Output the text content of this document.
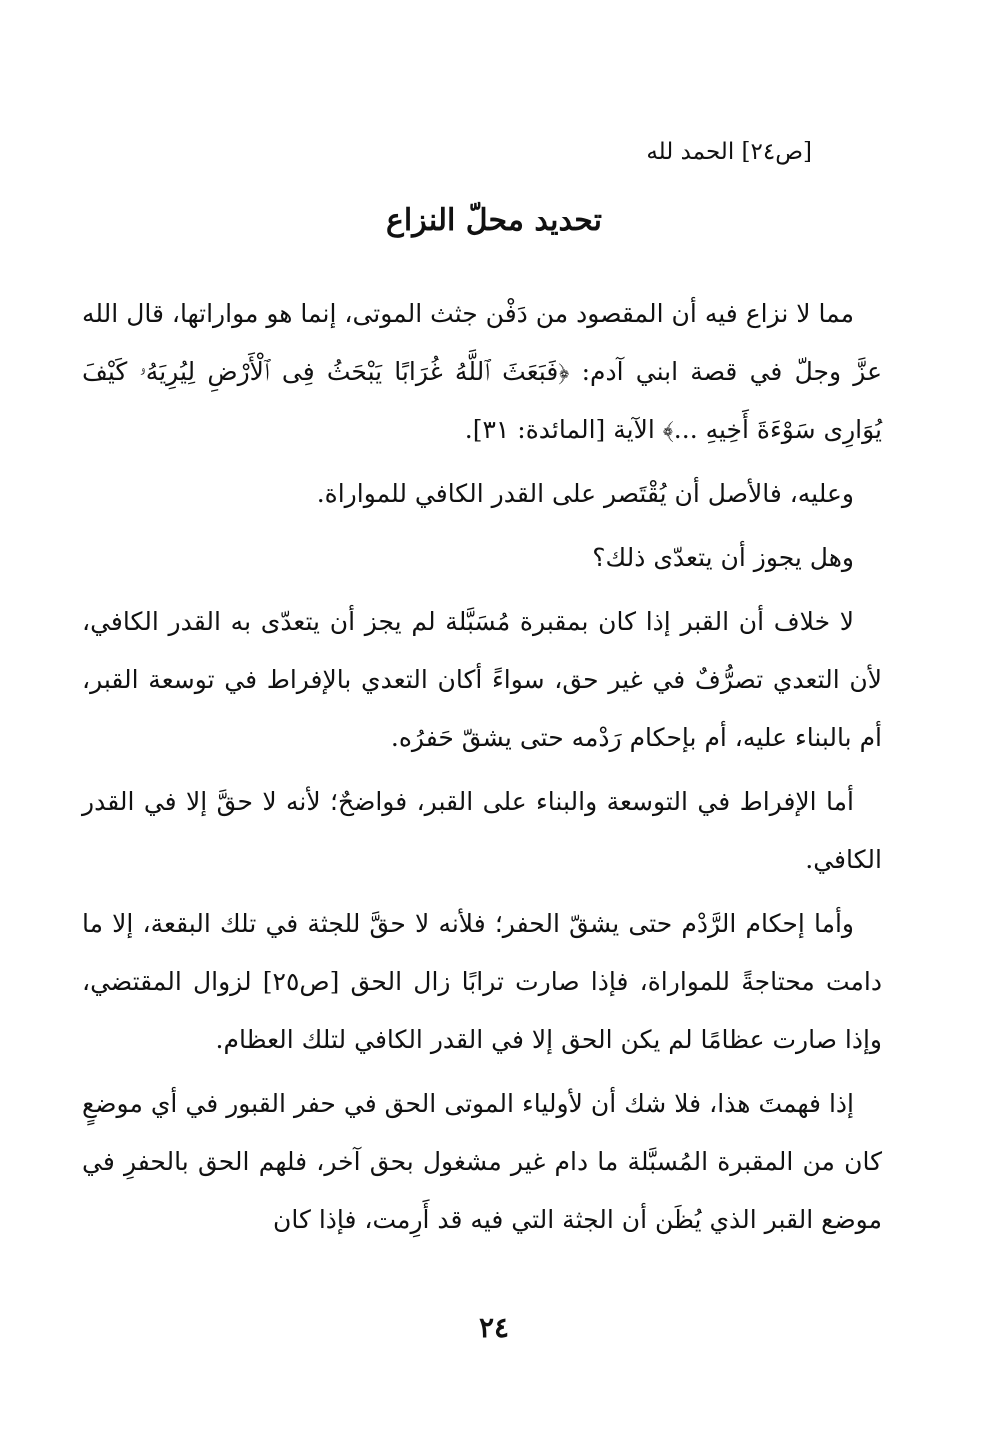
[ص٢٤] الحمد لله
تحديد محلّ النزاع

مما لا نزاع فيه أن المقصود من دَفْن جثث الموتى، إنما هو مواراتها، قال الله عزَّ وجلّ في قصة ابني آدم: ﴿فَبَعَثَ ٱللَّهُ غُرَابًا يَبْحَثُ فِى ٱلْأَرْضِ لِيُرِيَهُۥ كَيْفَ يُوَارِى سَوْءَةَ أَخِيهِ ...﴾ الآية [المائدة: ٣١].

وعليه، فالأصل أن يُقْتَصر على القدر الكافي للمواراة.

وهل يجوز أن يتعدّى ذلك؟

لا خلاف أن القبر إذا كان بمقبرة مُسَبَّلة لم يجز أن يتعدّى به القدر الكافي، لأن التعدي تصرُّفٌ في غير حق، سواءً أكان التعدي بالإفراط في توسعة القبر، أم بالبناء عليه، أم بإحكام رَدْمه حتى يشقّ حَفرُه.

أما الإفراط في التوسعة والبناء على القبر، فواضحٌ؛ لأنه لا حقَّ إلا في القدر الكافي.

وأما إحكام الرَّدْم حتى يشقّ الحفر؛ فلأنه لا حقَّ للجثة في تلك البقعة، إلا ما دامت محتاجةً للمواراة، فإذا صارت ترابًا زال الحق [ص٢٥] لزوال المقتضي، وإذا صارت عظامًا لم يكن الحق إلا في القدر الكافي لتلك العظام.

إذا فهمتَ هذا، فلا شك أن لأولياء الموتى الحق في حفر القبور في أي موضعٍ كان من المقبرة المُسبَّلة ما دام غير مشغول بحق آخر، فلهم الحق بالحفرِ في موضع القبر الذي يُظَن أن الجثة التي فيه قد أَرِمت، فإذا كان

٢٤
